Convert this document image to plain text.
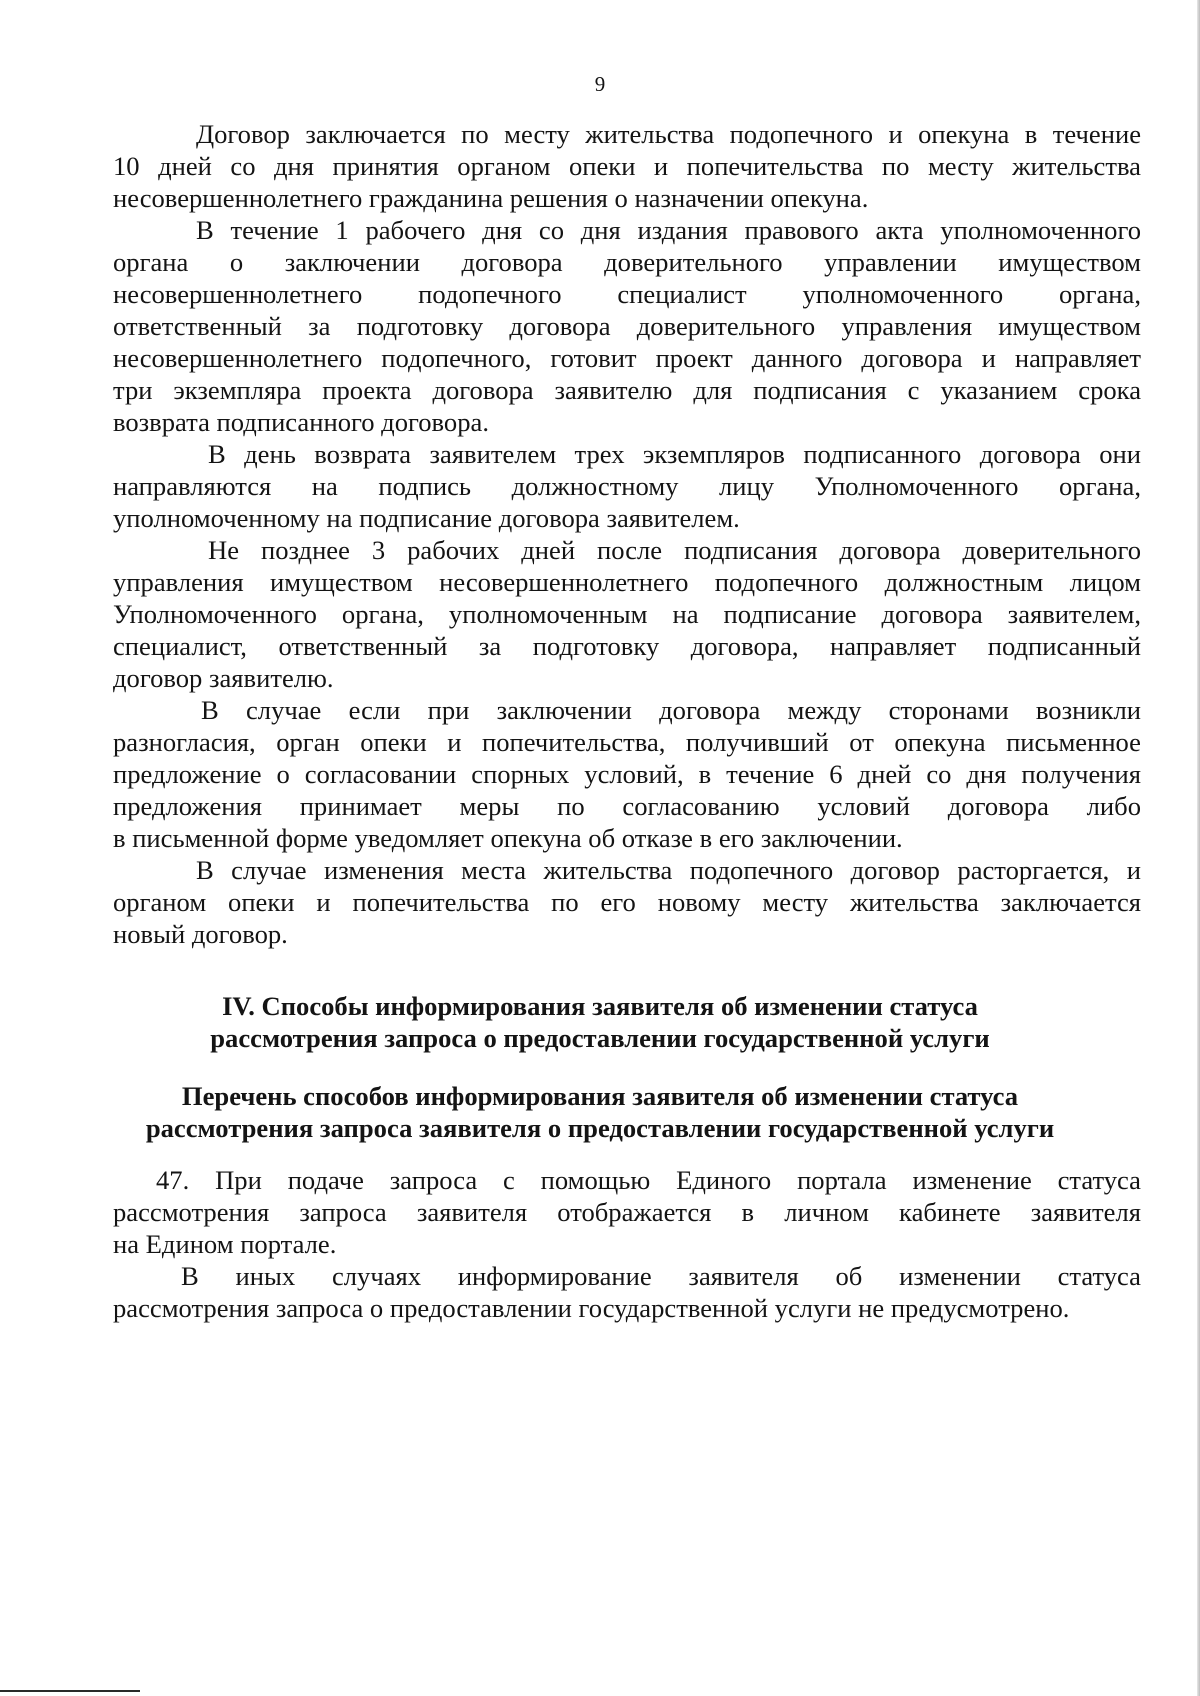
9

Договор заключается по месту жительства подопечного и опекуна в течение
10 дней со дня принятия органом опеки и попечительства по месту жительства
несовершеннолетнего гражданина решения о назначении опекуна.

В течение 1 рабочего дня со дня издания правового акта уполномоченного
органа о заключении договора доверительного управлении имуществом
несовершеннолетнего подопечного специалист уполномоченного органа,
ответственный за подготовку договора доверительного управления имуществом
несовершеннолетнего подопечного, готовит проект данного договора и направляет
три экземпляра проекта договора заявителю для подписания с указанием срока
возврата подписанного договора.

В день возврата заявителем трех экземпляров подписанного договора они
направляются на подпись должностному лицу Уполномоченного органа,
уполномоченному на подписание договора заявителем.

Не позднее 3 рабочих дней после подписания договора доверительного
управления имуществом несовершеннолетнего подопечного должностным лицом
Уполномоченного органа, уполномоченным на подписание договора заявителем,
специалист, ответственный за подготовку договора, направляет подписанный
договор заявителю.

В случае если при заключении договора между сторонами возникли
разногласия, орган опеки и попечительства, получивший от опекуна письменное
предложение о согласовании спорных условий, в течение 6 дней со дня получения
предложения принимает меры по согласованию условий договора либо
в письменной форме уведомляет опекуна об отказе в его заключении.

В случае изменения места жительства подопечного договор расторгается, и
органом опеки и попечительства по его новому месту жительства заключается
новый договор.

IV. Способы информирования заявителя об изменении статуса
рассмотрения запроса о предоставлении государственной услуги
Перечень способов информирования заявителя об изменении статуса
рассмотрения запроса заявителя о предоставлении государственной услуги

47. При подаче запроса с помощью Единого портала изменение статуса
рассмотрения запроса заявителя отображается в личном кабинете заявителя
на Едином портале.

В иных случаях информирование заявителя об изменении статуса
рассмотрения запроса о предоставлении государственной услуги не предусмотрено.
